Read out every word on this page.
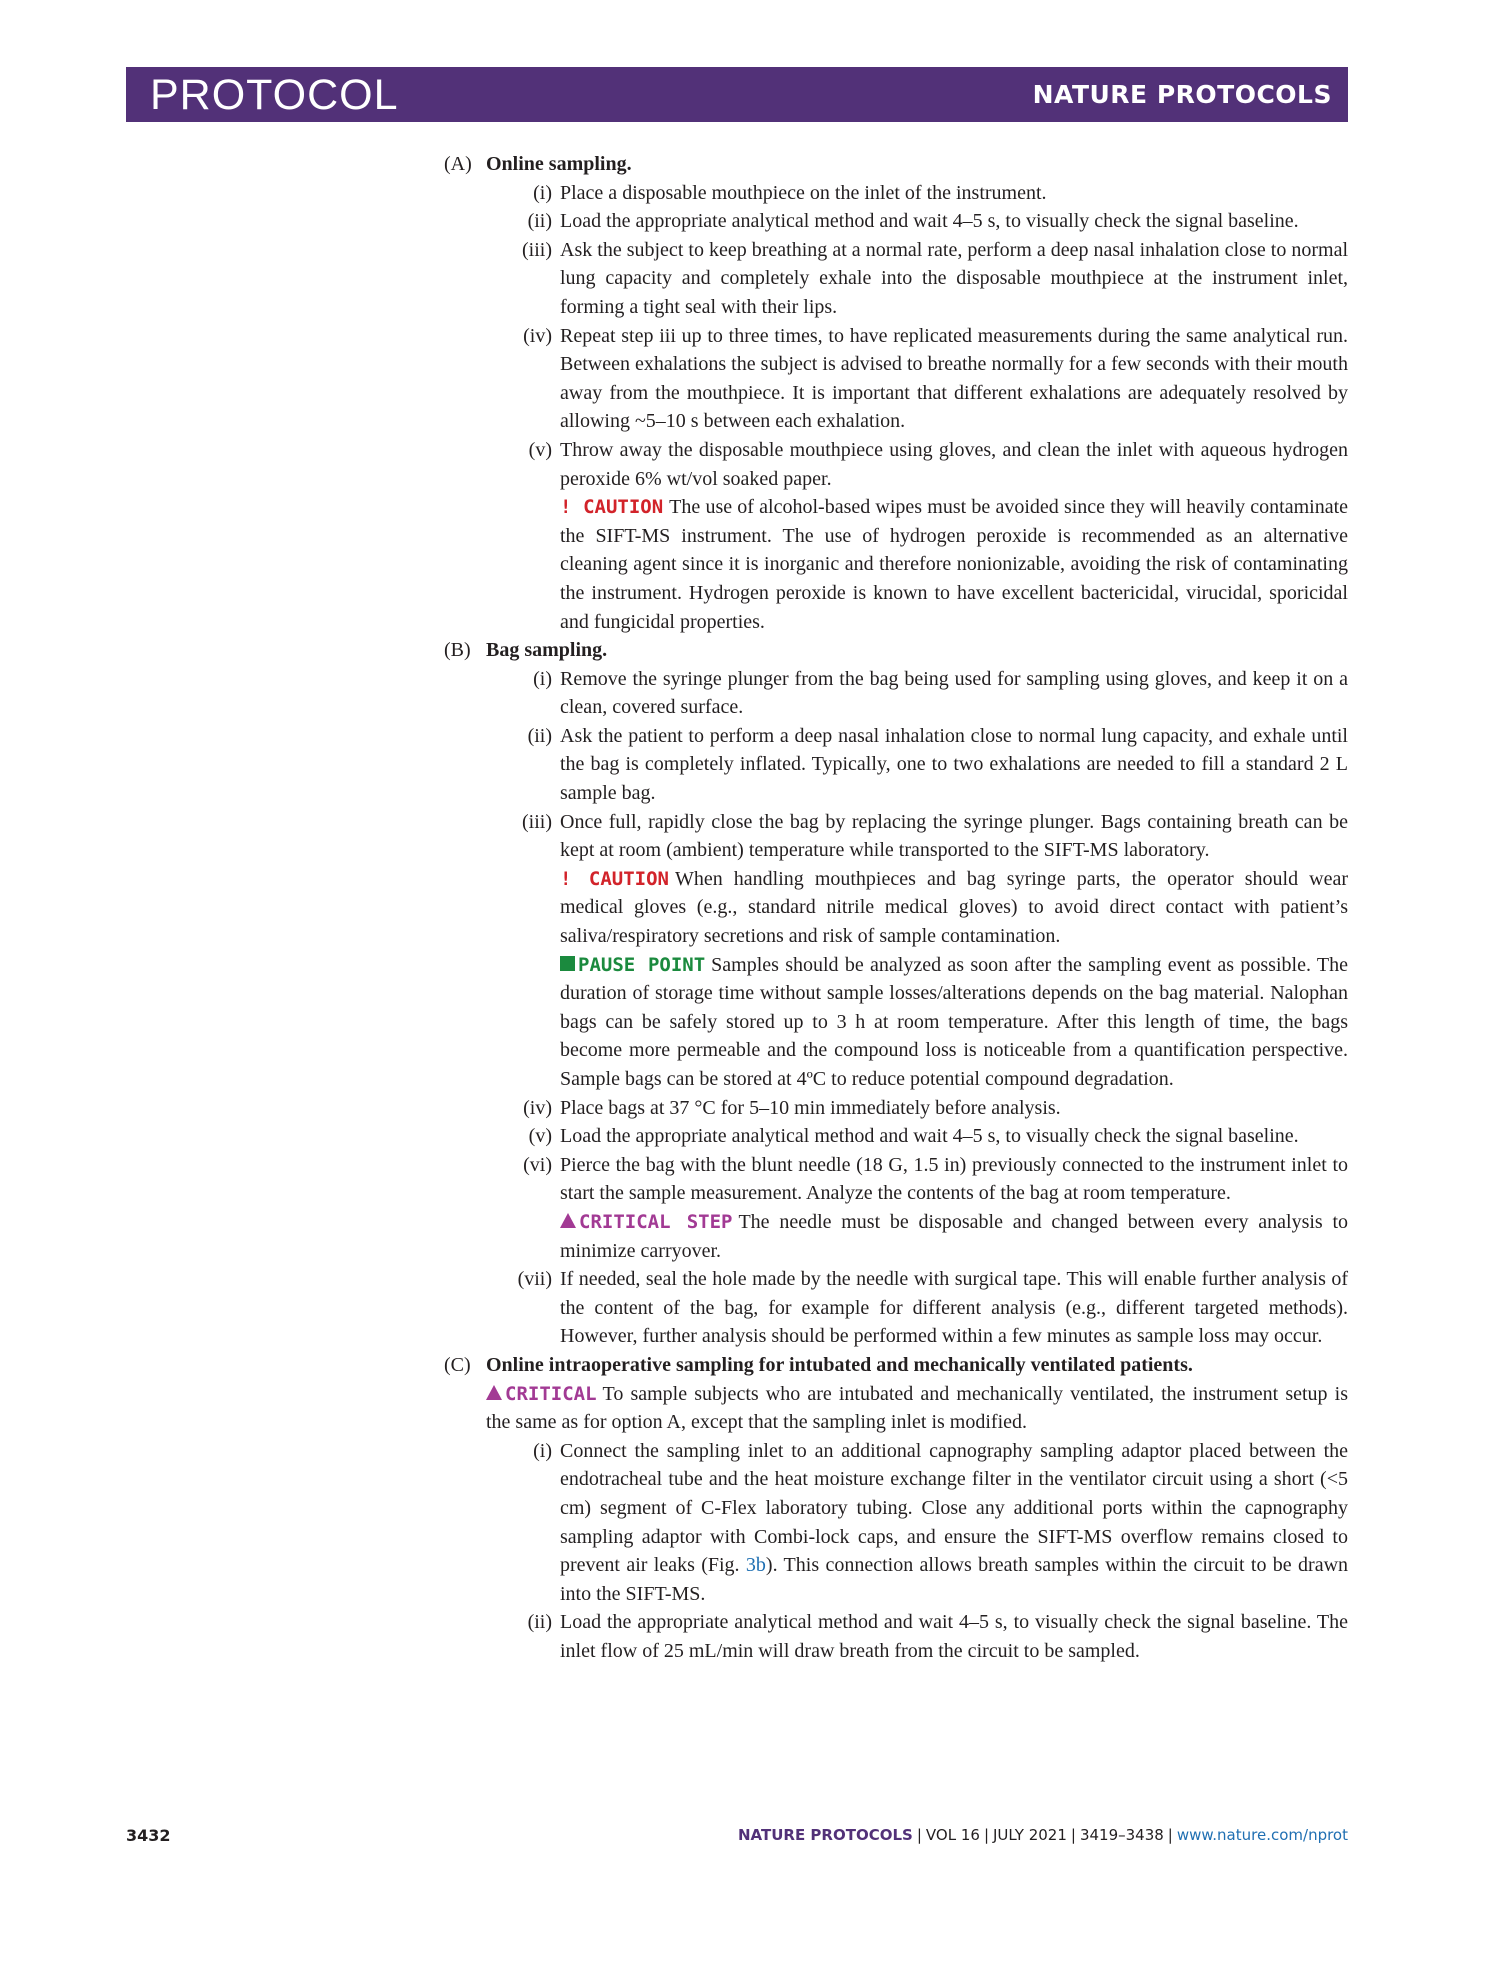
PROTOCOL	NATURE PROTOCOLS
(A) Online sampling.
(i) Place a disposable mouthpiece on the inlet of the instrument.
(ii) Load the appropriate analytical method and wait 4–5 s, to visually check the signal baseline.
(iii) Ask the subject to keep breathing at a normal rate, perform a deep nasal inhalation close to normal lung capacity and completely exhale into the disposable mouthpiece at the instrument inlet, forming a tight seal with their lips.
(iv) Repeat step iii up to three times, to have replicated measurements during the same analytical run. Between exhalations the subject is advised to breathe normally for a few seconds with their mouth away from the mouthpiece. It is important that different exhalations are adequately resolved by allowing ~5–10 s between each exhalation.
(v) Throw away the disposable mouthpiece using gloves, and clean the inlet with aqueous hydrogen peroxide 6% wt/vol soaked paper.
! CAUTION The use of alcohol-based wipes must be avoided since they will heavily contaminate the SIFT-MS instrument. The use of hydrogen peroxide is recommended as an alternative cleaning agent since it is inorganic and therefore nonionizable, avoiding the risk of contaminating the instrument. Hydrogen peroxide is known to have excellent bactericidal, virucidal, sporicidal and fungicidal properties.
(B) Bag sampling.
(i) Remove the syringe plunger from the bag being used for sampling using gloves, and keep it on a clean, covered surface.
(ii) Ask the patient to perform a deep nasal inhalation close to normal lung capacity, and exhale until the bag is completely inflated. Typically, one to two exhalations are needed to fill a standard 2 L sample bag.
(iii) Once full, rapidly close the bag by replacing the syringe plunger. Bags containing breath can be kept at room (ambient) temperature while transported to the SIFT-MS laboratory.
! CAUTION When handling mouthpieces and bag syringe parts, the operator should wear medical gloves (e.g., standard nitrile medical gloves) to avoid direct contact with patient’s saliva/respiratory secretions and risk of sample contamination.
PAUSE POINT Samples should be analyzed as soon after the sampling event as possible. The duration of storage time without sample losses/alterations depends on the bag material. Nalophan bags can be safely stored up to 3 h at room temperature. After this length of time, the bags become more permeable and the compound loss is noticeable from a quantification perspective. Sample bags can be stored at 4ºC to reduce potential compound degradation.
(iv) Place bags at 37 °C for 5–10 min immediately before analysis.
(v) Load the appropriate analytical method and wait 4–5 s, to visually check the signal baseline.
(vi) Pierce the bag with the blunt needle (18 G, 1.5 in) previously connected to the instrument inlet to start the sample measurement. Analyze the contents of the bag at room temperature.
CRITICAL STEP The needle must be disposable and changed between every analysis to minimize carryover.
(vii) If needed, seal the hole made by the needle with surgical tape. This will enable further analysis of the content of the bag, for example for different analysis (e.g., different targeted methods). However, further analysis should be performed within a few minutes as sample loss may occur.
(C) Online intraoperative sampling for intubated and mechanically ventilated patients.
CRITICAL To sample subjects who are intubated and mechanically ventilated, the instrument setup is the same as for option A, except that the sampling inlet is modified.
(i) Connect the sampling inlet to an additional capnography sampling adaptor placed between the endotracheal tube and the heat moisture exchange filter in the ventilator circuit using a short (<5 cm) segment of C-Flex laboratory tubing. Close any additional ports within the capnography sampling adaptor with Combi-lock caps, and ensure the SIFT-MS overflow remains closed to prevent air leaks (Fig. 3b). This connection allows breath samples within the circuit to be drawn into the SIFT-MS.
(ii) Load the appropriate analytical method and wait 4–5 s, to visually check the signal baseline. The inlet flow of 25 mL/min will draw breath from the circuit to be sampled.
3432	NATURE PROTOCOLS | VOL 16 | JULY 2021 | 3419–3438 | www.nature.com/nprot
